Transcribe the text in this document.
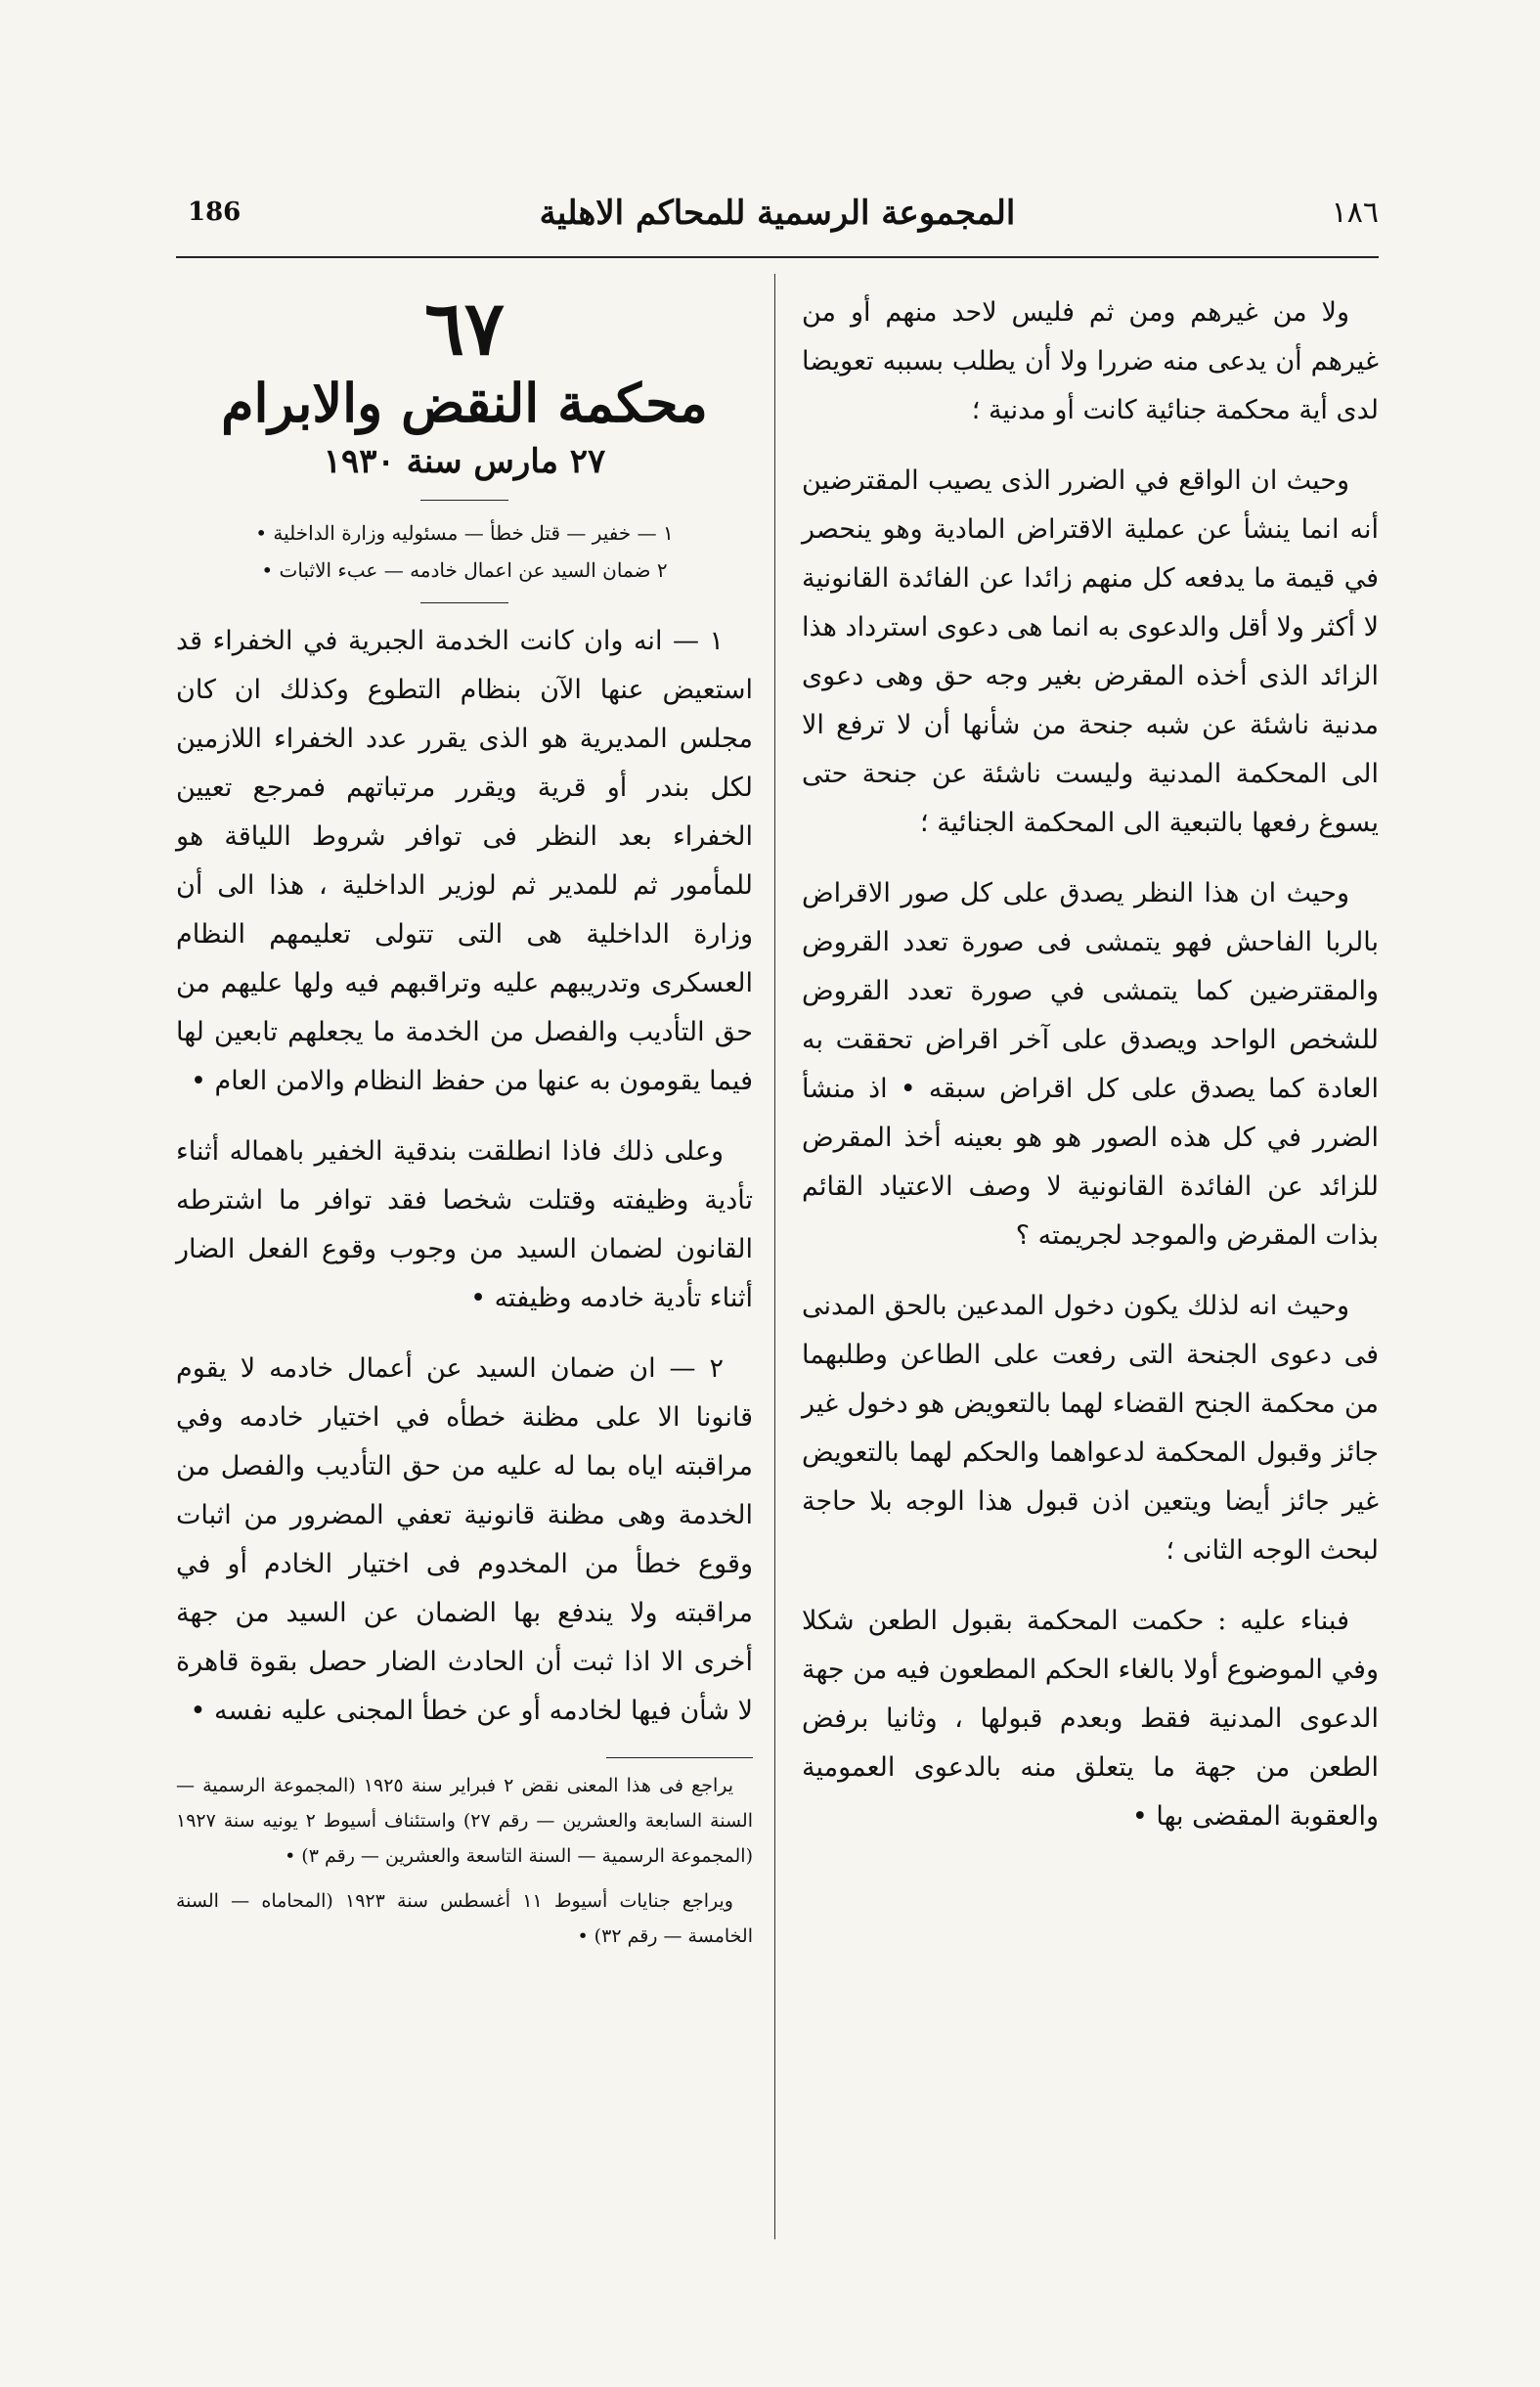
١٨٦
المجموعة الرسمية للمحاكم الاهلية
186

ولا من غيرهم ومن ثم فليس لاحد منهم أو من غيرهم أن يدعى منه ضررا ولا أن يطلب بسببه تعويضا لدى أية محكمة جنائية كانت أو مدنية ؛

وحيث ان الواقع في الضرر الذى يصيب المقترضين أنه انما ينشأ عن عملية الاقتراض المادية وهو ينحصر في قيمة ما يدفعه كل منهم زائدا عن الفائدة القانونية لا أكثر ولا أقل والدعوى به انما هى دعوى استرداد هذا الزائد الذى أخذه المقرض بغير وجه حق وهى دعوى مدنية ناشئة عن شبه جنحة من شأنها أن لا ترفع الا الى المحكمة المدنية وليست ناشئة عن جنحة حتى يسوغ رفعها بالتبعية الى المحكمة الجنائية ؛

وحيث ان هذا النظر يصدق على كل صور الاقراض بالربا الفاحش فهو يتمشى فى صورة تعدد القروض والمقترضين كما يتمشى في صورة تعدد القروض للشخص الواحد ويصدق على آخر اقراض تحققت به العادة كما يصدق على كل اقراض سبقه • اذ منشأ الضرر في كل هذه الصور هو هو بعينه أخذ المقرض للزائد عن الفائدة القانونية لا وصف الاعتياد القائم بذات المقرض والموجد لجريمته ؟

وحيث انه لذلك يكون دخول المدعين بالحق المدنى فى دعوى الجنحة التى رفعت على الطاعن وطلبهما من محكمة الجنح القضاء لهما بالتعويض هو دخول غير جائز وقبول المحكمة لدعواهما والحكم لهما بالتعويض غير جائز أيضا ويتعين اذن قبول هذا الوجه بلا حاجة لبحث الوجه الثانى ؛

فبناء عليه : حكمت المحكمة بقبول الطعن شكلا وفي الموضوع أولا بالغاء الحكم المطعون فيه من جهة الدعوى المدنية فقط وبعدم قبولها ، وثانيا برفض الطعن من جهة ما يتعلق منه بالدعوى العمومية والعقوبة المقضى بها •

٦٧
محكمة النقض والابرام
٢٧ مارس سنة ١٩٣٠
١ — خفير — قتل خطأ — مسئوليه وزارة الداخلية •
٢ ضمان السيد عن اعمال خادمه — عبء الاثبات •

١ — انه وان كانت الخدمة الجبرية في الخفراء قد استعيض عنها الآن بنظام التطوع وكذلك ان كان مجلس المديرية هو الذى يقرر عدد الخفراء اللازمين لكل بندر أو قرية ويقرر مرتباتهم فمرجع تعيين الخفراء بعد النظر فى توافر شروط اللياقة هو للمأمور ثم للمدير ثم لوزير الداخلية ، هذا الى أن وزارة الداخلية هى التى تتولى تعليمهم النظام العسكرى وتدريبهم عليه وتراقبهم فيه ولها عليهم من حق التأديب والفصل من الخدمة ما يجعلهم تابعين لها فيما يقومون به عنها من حفظ النظام والامن العام •

وعلى ذلك فاذا انطلقت بندقية الخفير باهماله أثناء تأدية وظيفته وقتلت شخصا فقد توافر ما اشترطه القانون لضمان السيد من وجوب وقوع الفعل الضار أثناء تأدية خادمه وظيفته •

٢ — ان ضمان السيد عن أعمال خادمه لا يقوم قانونا الا على مظنة خطأه في اختيار خادمه وفي مراقبته اياه بما له عليه من حق التأديب والفصل من الخدمة وهى مظنة قانونية تعفي المضرور من اثبات وقوع خطأ من المخدوم فى اختيار الخادم أو في مراقبته ولا يندفع بها الضمان عن السيد من جهة أخرى الا اذا ثبت أن الحادث الضار حصل بقوة قاهرة لا شأن فيها لخادمه أو عن خطأ المجنى عليه نفسه •

يراجع فى هذا المعنى نقض ٢ فبراير سنة ١٩٢٥ (المجموعة الرسمية — السنة السابعة والعشرين — رقم ٢٧) واستئناف أسيوط ٢ يونيه سنة ١٩٢٧ (المجموعة الرسمية — السنة التاسعة والعشرين — رقم ٣) •

ويراجع جنايات أسيوط ١١ أغسطس سنة ١٩٢٣ (المحاماه — السنة الخامسة — رقم ٣٢) •
